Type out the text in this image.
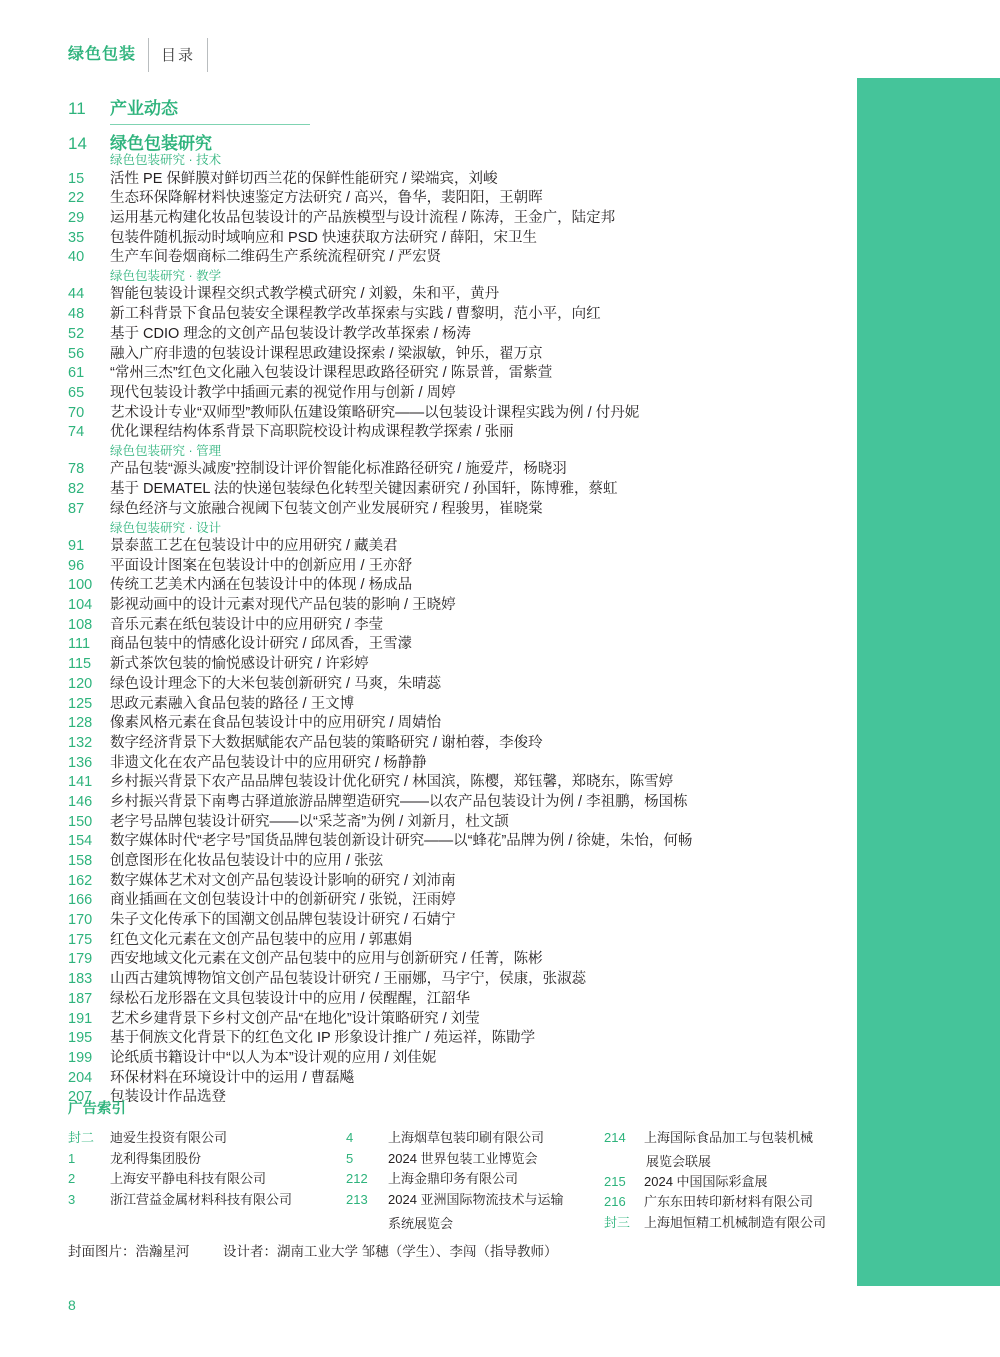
绿色包装 目录
11	产业动态
14	绿色包装研究
绿色包装研究 · 技术
15	活性 PE 保鲜膜对鲜切西兰花的保鲜性能研究 / 梁端宾，刘峻
22	生态环保降解材料快速鉴定方法研究 / 高兴，鲁华，裴阳阳，王朝晖
29	运用基元构建化妆品包装设计的产品族模型与设计流程 / 陈涛，王金广，陆定邦
35	包装件随机振动时域响应和 PSD 快速获取方法研究 / 薛阳，宋卫生
40	生产车间卷烟商标二维码生产系统流程研究 / 严宏贤
绿色包装研究 · 教学
44	智能包装设计课程交织式教学模式研究 / 刘毅，朱和平，黄丹
48	新工科背景下食品包装安全课程教学改革探索与实践 / 曹黎明，范小平，向红
52	基于 CDIO 理念的文创产品包装设计教学改革探索 / 杨涛
56	融入广府非遗的包装设计课程思政建设探索 / 梁淑敏，钟乐，翟万京
61	“常州三杰”红色文化融入包装设计课程思政路径研究 / 陈景普，雷紫萱
65	现代包装设计教学中插画元素的视觉作用与创新 / 周婷
70	艺术设计专业“双师型”教师队伍建设策略研究——以包装设计课程实践为例 / 付丹妮
74	优化课程结构体系背景下高职院校设计构成课程教学探索 / 张丽
绿色包装研究 · 管理
78	产品包装“源头减废”控制设计评价智能化标准路径研究 / 施爱芹，杨晓羽
82	基于 DEMATEL 法的快递包装绿色化转型关键因素研究 / 孙国轩，陈博雅，蔡虹
87	绿色经济与文旅融合视阈下包装文创产业发展研究 / 程骏男，崔晓棠
绿色包装研究 · 设计
91	景泰蓝工艺在包装设计中的应用研究 / 藏美君
96	平面设计图案在包装设计中的创新应用 / 王亦舒
100	传统工艺美术内涵在包装设计中的体现 / 杨成品
104	影视动画中的设计元素对现代产品包装的影响 / 王晓婷
108	音乐元素在纸包装设计中的应用研究 / 李莹
111	商品包装中的情感化设计研究 / 邱凤香，王雪濛
115	新式茶饮包装的愉悦感设计研究 / 许彩婷
120	绿色设计理念下的大米包装创新研究 / 马爽，朱晴蕊
125	思政元素融入食品包装的路径 / 王文博
128	像素风格元素在食品包装设计中的应用研究 / 周婧怡
132	数字经济背景下大数据赋能农产品包装的策略研究 / 谢柏蓉，李俊玲
136	非遗文化在农产品包装设计中的应用研究 / 杨静静
141	乡村振兴背景下农产品品牌包装设计优化研究 / 林国滨，陈樱，郑钰馨，郑晓东，陈雪婷
146	乡村振兴背景下南粤古驿道旅游品牌塑造研究——以农产品包装设计为例 / 李祖鹏，杨国栋
150	老字号品牌包装设计研究——以“采芝斋”为例 / 刘新月，杜文颉
154	数字媒体时代“老字号”国货品牌包装创新设计研究——以“蜂花”品牌为例 / 徐婕，朱怡，何畅
158	创意图形在化妆品包装设计中的应用 / 张弦
162	数字媒体艺术对文创产品包装设计影响的研究 / 刘沛南
166	商业插画在文创包装设计中的创新研究 / 张锐，汪雨婷
170	朱子文化传承下的国潮文创品牌包装设计研究 / 石婧宁
175	红色文化元素在文创产品包装中的应用 / 郭惠娟
179	西安地域文化元素在文创产品包装中的应用与创新研究 / 任菁，陈彬
183	山西古建筑博物馆文创产品包装设计研究 / 王丽娜，马宇宁，侯康，张淑蕊
187	绿松石龙形器在文具包装设计中的应用 / 侯醒醒，江韶华
191	艺术乡建背景下乡村文创产品“在地化”设计策略研究 / 刘莹
195	基于侗族文化背景下的红色文化 IP 形象设计推广 / 苑运祥，陈勖学
199	论纸质书籍设计中“以人为本”设计观的应用 / 刘佳妮
204	环保材料在环境设计中的运用 / 曹磊飚
207	包装设计作品选登
广告索引
封二	迪爱生投资有限公司
1	龙利得集团股份
2	上海安平静电科技有限公司
3	浙江营益金属材料科技有限公司
4	上海烟草包装印刷有限公司
5	2024 世界包装工业博览会
212	上海金鼎印务有限公司
213	2024 亚洲国际物流技术与运输
系统展览会
214	上海国际食品加工与包装机械
展览会联展
215	2024 中国国际彩盒展
216	广东东田转印新材料有限公司
封三	上海旭恒精工机械制造有限公司
封面图片：浩瀚星河 设计者：湖南工业大学 邹穗（学生）、李闯（指导教师）
8
